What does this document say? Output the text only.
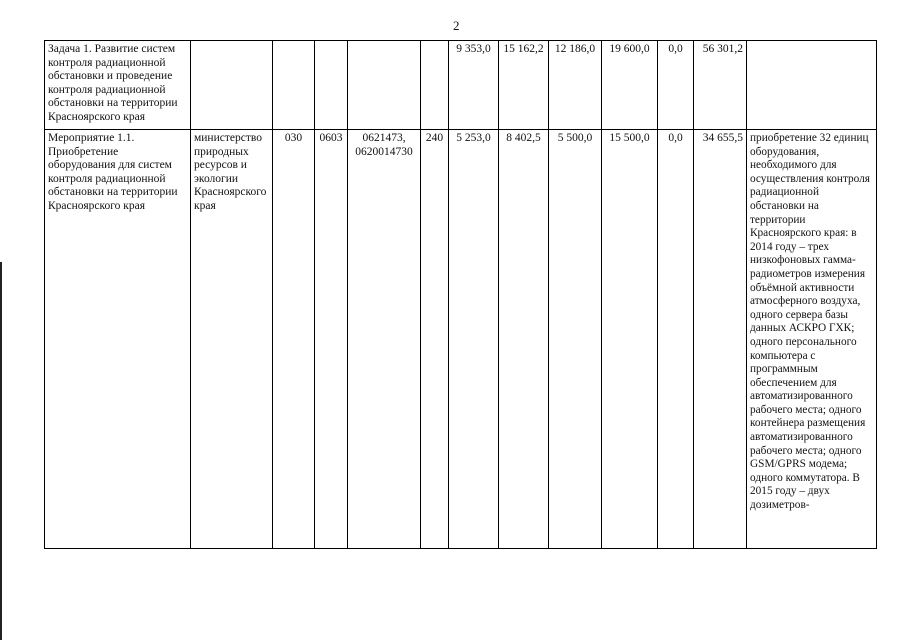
2
Задача 1. Развитие систем контроля радиационной обстановки и проведение контроля радиационной обстановки на территории Красноярского края						9 353,0	15 162,2	12 186,0	19 600,0	0,0	56 301,2	
Мероприятие 1.1. Приобретение оборудования для систем контроля радиационной обстановки на территории Красноярского края	министерство природных ресурсов и экологии Красноярского края	030	0603	0621473, 0620014730	240	5 253,0	8 402,5	5 500,0	15 500,0	0,0	34 655,5	приобретение 32 единиц оборудования, необходимого для осуществления контроля радиационной обстановки на территории Красноярского края: в 2014 году – трех низкофоновых гамма-радиометров измерения объёмной активности атмосферного воздуха, одного сервера базы данных АСКРО ГХК; одного персонального компьютера с программным обеспечением для автоматизированного рабочего места; одного контейнера размещения автоматизированного рабочего места; одного GSM/GPRS модема; одного коммутатора. В 2015 году – двух дозиметров-
